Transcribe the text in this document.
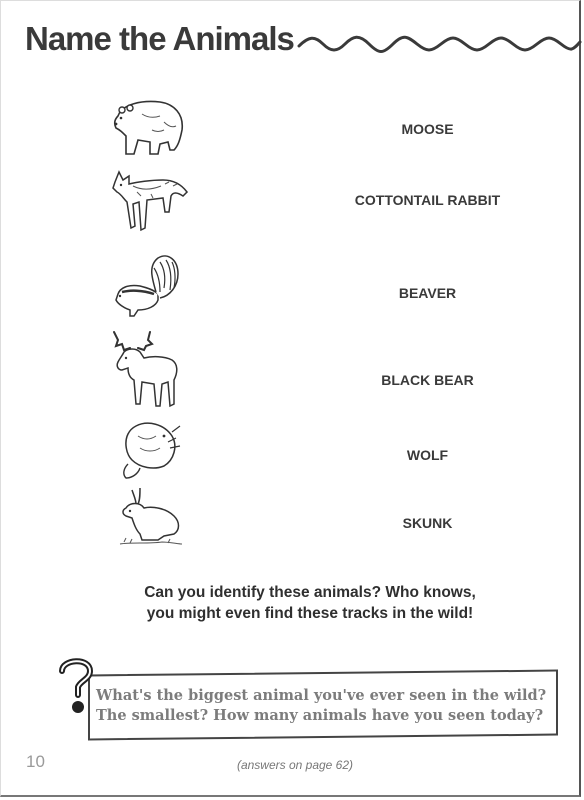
Name the Animals
MOOSE
COTTONTAIL RABBIT
BEAVER
BLACK BEAR
WOLF
SKUNK

Can you identify these animals? Who knows,

you might even find these tracks in the wild!

What's the biggest animal you've ever seen in the wild?

The smallest? How many animals have you seen today?

10	(answers on page 62)
